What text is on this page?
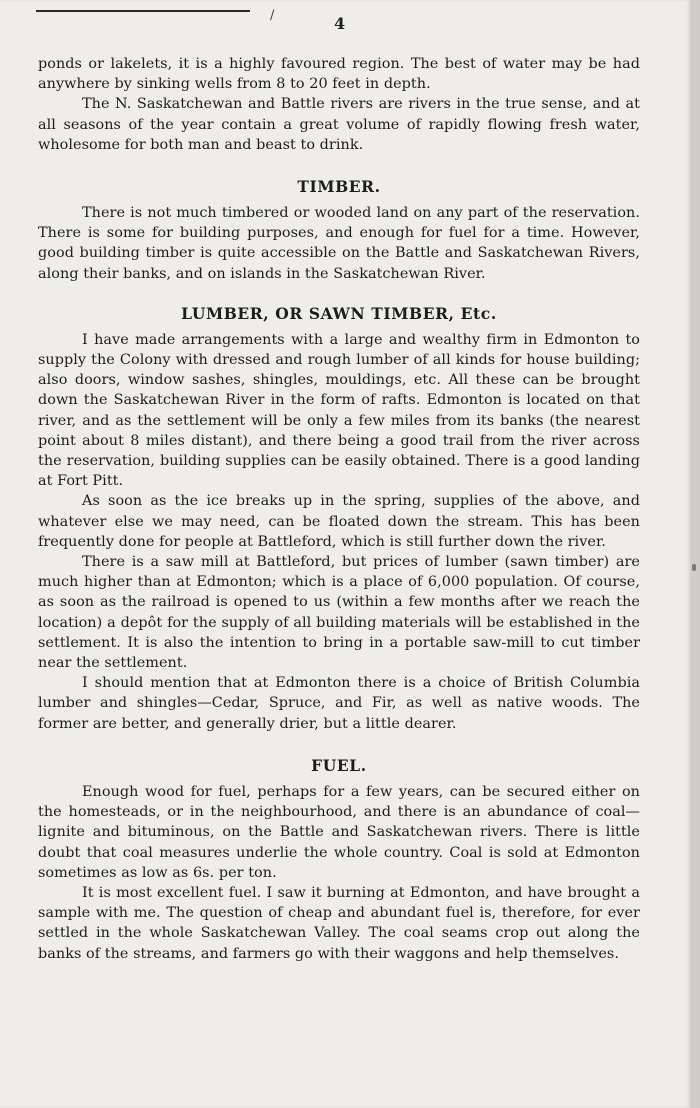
/	4

ponds or lakelets, it is a highly favoured region. The best of water may be had anywhere by sinking wells from 8 to 20 feet in depth.

The N. Saskatchewan and Battle rivers are rivers in the true sense, and at all seasons of the year contain a great volume of rapidly flowing fresh water, wholesome for both man and beast to drink.

TIMBER.

There is not much timbered or wooded land on any part of the reservation. There is some for building purposes, and enough for fuel for a time. However, good building timber is quite accessible on the Battle and Saskatchewan Rivers, along their banks, and on islands in the Saskatchewan River.

LUMBER, OR SAWN TIMBER, Etc.

I have made arrangements with a large and wealthy firm in Edmonton to supply the Colony with dressed and rough lumber of all kinds for house building; also doors, window sashes, shingles, mouldings, etc. All these can be brought down the Saskatchewan River in the form of rafts. Edmonton is located on that river, and as the settlement will be only a few miles from its banks (the nearest point about 8 miles distant), and there being a good trail from the river across the reservation, building supplies can be easily obtained. There is a good landing at Fort Pitt.

As soon as the ice breaks up in the spring, supplies of the above, and whatever else we may need, can be floated down the stream. This has been frequently done for people at Battleford, which is still further down the river.

There is a saw mill at Battleford, but prices of lumber (sawn timber) are much higher than at Edmonton; which is a place of 6,000 population. Of course, as soon as the railroad is opened to us (within a few months after we reach the location) a depôt for the supply of all building materials will be established in the settlement. It is also the intention to bring in a portable saw-mill to cut timber near the settlement.

I should mention that at Edmonton there is a choice of British Columbia lumber and shingles—Cedar, Spruce, and Fir, as well as native woods. The former are better, and generally drier, but a little dearer.

FUEL.

Enough wood for fuel, perhaps for a few years, can be secured either on the homesteads, or in the neighbourhood, and there is an abundance of coal—lignite and bituminous, on the Battle and Saskatchewan rivers. There is little doubt that coal measures underlie the whole country. Coal is sold at Edmonton sometimes as low as 6s. per ton.

It is most excellent fuel. I saw it burning at Edmonton, and have brought a sample with me. The question of cheap and abundant fuel is, therefore, for ever settled in the whole Saskatchewan Valley. The coal seams crop out along the banks of the streams, and farmers go with their waggons and help themselves.
